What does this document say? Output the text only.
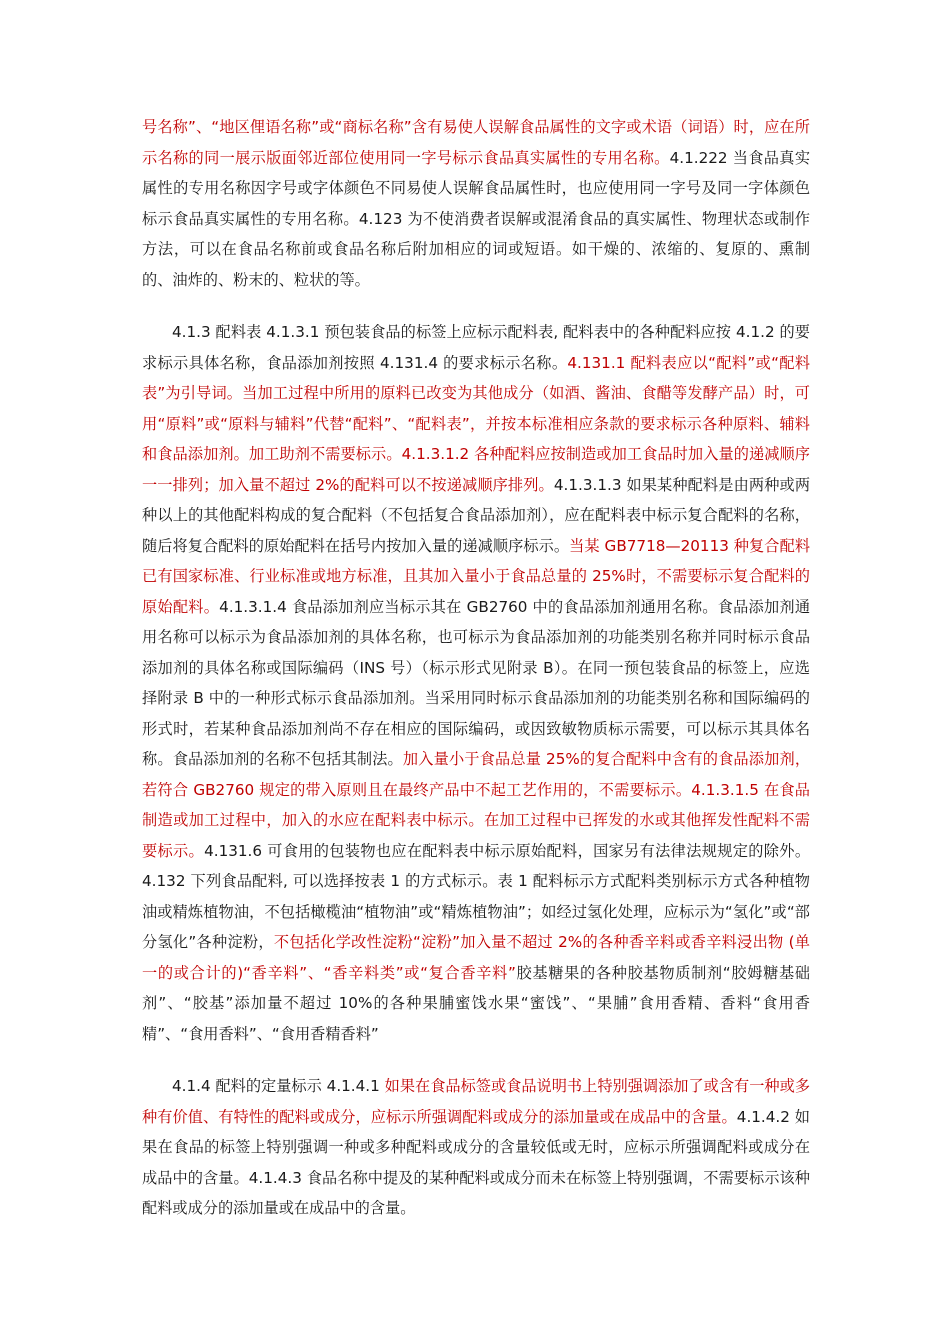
号名称”、“地区俚语名称”或“商标名称”含有易使人误解食品属性的文字或术语（词语）时，应在所示名称的同一展示版面邻近部位使用同一字号标示食品真实属性的专用名称。4.1.222 当食品真实属性的专用名称因字号或字体颜色不同易使人误解食品属性时，也应使用同一字号及同一字体颜色标示食品真实属性的专用名称。4.123 为不使消费者误解或混淆食品的真实属性、物理状态或制作方法，可以在食品名称前或食品名称后附加相应的词或短语。如干燥的、浓缩的、复原的、熏制的、油炸的、粉末的、粒状的等。

4.1.3 配料表 4.1.3.1 预包装食品的标签上应标示配料表, 配料表中的各种配料应按 4.1.2 的要求标示具体名称，食品添加剂按照 4.131.4 的要求标示名称。4.131.1 配料表应以“配料”或“配料表”为引导词。当加工过程中所用的原料已改变为其他成分（如酒、酱油、食醋等发酵产品）时，可用“原料”或“原料与辅料”代替“配料”、“配料表”，并按本标准相应条款的要求标示各种原料、辅料和食品添加剂。加工助剂不需要标示。4.1.3.1.2 各种配料应按制造或加工食品时加入量的递减顺序一一排列；加入量不超过 2%的配料可以不按递减顺序排列。4.1.3.1.3 如果某种配料是由两种或两种以上的其他配料构成的复合配料（不包括复合食品添加剂），应在配料表中标示复合配料的名称，随后将复合配料的原始配料在括号内按加入量的递减顺序标示。当某 GB7718—20113 种复合配料已有国家标准、行业标准或地方标准，且其加入量小于食品总量的 25%时，不需要标示复合配料的原始配料。4.1.3.1.4 食品添加剂应当标示其在 GB2760 中的食品添加剂通用名称。食品添加剂通用名称可以标示为食品添加剂的具体名称，也可标示为食品添加剂的功能类别名称并同时标示食品添加剂的具体名称或国际编码（INS 号）（标示形式见附录 B）。在同一预包装食品的标签上，应选择附录 B 中的一种形式标示食品添加剂。当采用同时标示食品添加剂的功能类别名称和国际编码的形式时，若某种食品添加剂尚不存在相应的国际编码，或因致敏物质标示需要，可以标示其具体名称。食品添加剂的名称不包括其制法。加入量小于食品总量 25%的复合配料中含有的食品添加剂，若符合 GB2760 规定的带入原则且在最终产品中不起工艺作用的，不需要标示。4.1.3.1.5 在食品制造或加工过程中，加入的水应在配料表中标示。在加工过程中已挥发的水或其他挥发性配料不需要标示。4.131.6 可食用的包装物也应在配料表中标示原始配料，国家另有法律法规规定的除外。4.132 下列食品配料, 可以选择按表 1 的方式标示。表 1 配料标示方式配料类别标示方式各种植物油或精炼植物油，不包括橄榄油“植物油”或“精炼植物油”；如经过氢化处理，应标示为“氢化”或“部分氢化”各种淀粉，不包括化学改性淀粉“淀粉”加入量不超过 2%的各种香辛料或香辛料浸出物 (单一的或合计的)“香辛料”、“香辛料类”或“复合香辛料”胶基糖果的各种胶基物质制剂“胶姆糖基础剂”、“胶基”添加量不超过 10%的各种果脯蜜饯水果“蜜饯”、“果脯”食用香精、香料“食用香精”、“食用香料”、“食用香精香料”

4.1.4 配料的定量标示 4.1.4.1 如果在食品标签或食品说明书上特别强调添加了或含有一种或多种有价值、有特性的配料或成分，应标示所强调配料或成分的添加量或在成品中的含量。4.1.4.2 如果在食品的标签上特别强调一种或多种配料或成分的含量较低或无时，应标示所强调配料或成分在成品中的含量。4.1.4.3 食品名称中提及的某种配料或成分而未在标签上特别强调，不需要标示该种配料或成分的添加量或在成品中的含量。
